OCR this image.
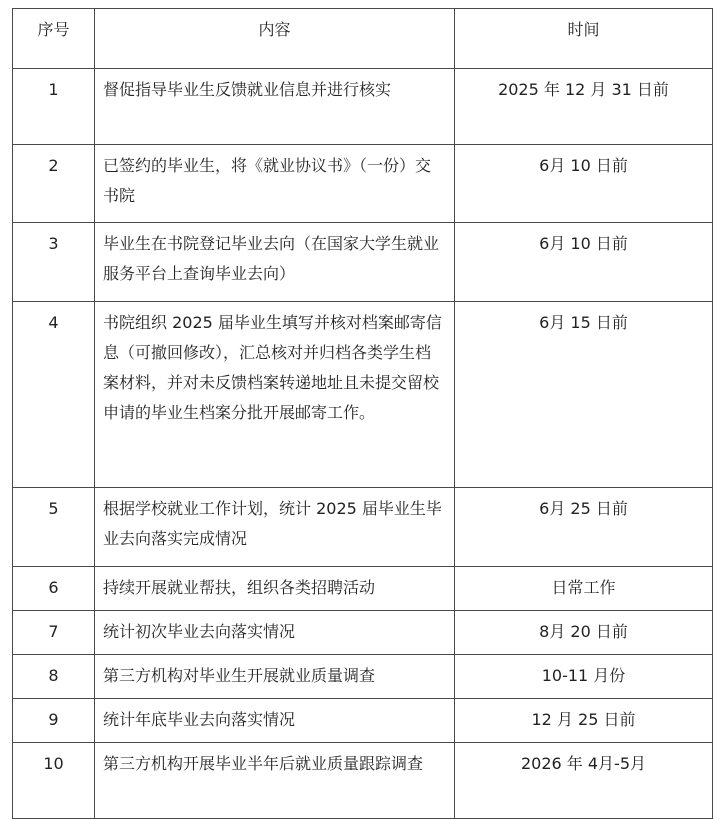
序号	内容	时间
1	督促指导毕业生反馈就业信息并进行核实	2025 年 12 月 31 日前
2	已签约的毕业生，将《就业协议书》（一份）交书院	6月 10 日前
3	毕业生在书院登记毕业去向（在国家大学生就业服务平台上查询毕业去向）	6月 10 日前
4	书院组织 2025 届毕业生填写并核对档案邮寄信息（可撤回修改），汇总核对并归档各类学生档案材料，并对未反馈档案转递地址且未提交留校申请的毕业生档案分批开展邮寄工作。	6月 15 日前
5	根据学校就业工作计划，统计 2025 届毕业生毕业去向落实完成情况	6月 25 日前
6	持续开展就业帮扶，组织各类招聘活动	日常工作
7	统计初次毕业去向落实情况	8月 20 日前
8	第三方机构对毕业生开展就业质量调查	10-11 月份
9	统计年底毕业去向落实情况	12 月 25 日前
10	第三方机构开展毕业半年后就业质量跟踪调查	2026 年 4月-5月
